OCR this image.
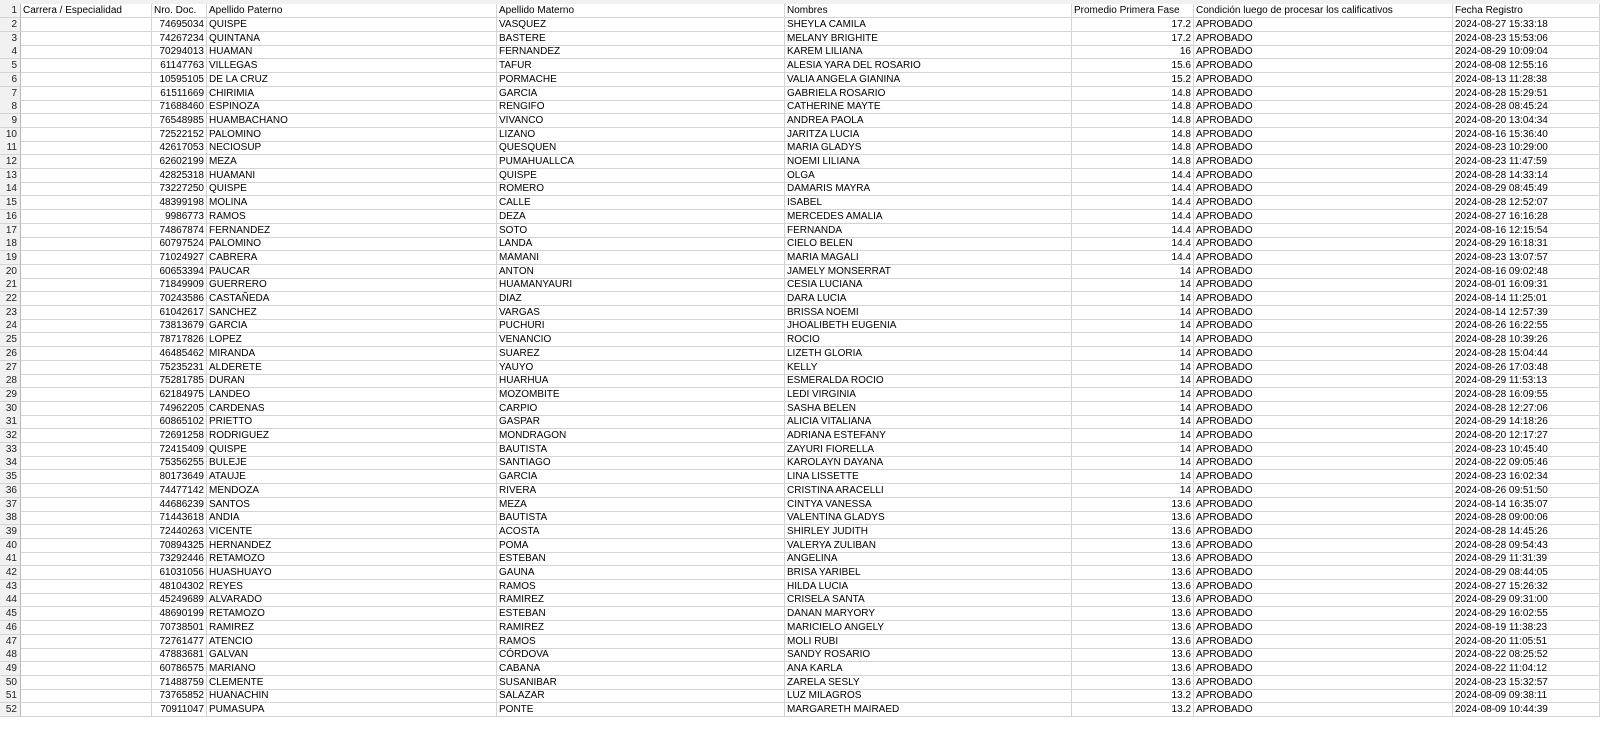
1 Carrera / Especialidad	Nro. Doc.	Apellido Paterno	Apellido Materno	Nombres	Promedio Primera Fase	Condición luego de procesar los calificativos	Fecha Registro
2	74695034 QUISPE	VASQUEZ	SHEYLA CAMILA	17.2 APROBADO	2024-08-27 15:33:18
3	74267234 QUINTANA	BASTERE	MELANY BRIGHITE	17.2 APROBADO	2024-08-23 15:53:06
4	70294013 HUAMAN	FERNANDEZ	KAREM LILIANA	16 APROBADO	2024-08-29 10:09:04
5	61147763 VILLEGAS	TAFUR	ALESIA YARA DEL ROSARIO	15.6 APROBADO	2024-08-08 12:55:16
6	10595105 DE LA CRUZ	PORMACHE	VALIA ANGELA GIANINA	15.2 APROBADO	2024-08-13 11:28:38
7	61511669 CHIRIMIA	GARCIA	GABRIELA ROSARIO	14.8 APROBADO	2024-08-28 15:29:51
8	71688460 ESPINOZA	RENGIFO	CATHERINE MAYTE	14.8 APROBADO	2024-08-28 08:45:24
9	76548985 HUAMBACHANO	VIVANCO	ANDREA PAOLA	14.8 APROBADO	2024-08-20 13:04:34
10	72522152 PALOMINO	LIZANO	JARITZA LUCIA	14.8 APROBADO	2024-08-16 15:36:40
11	42617053 NECIOSUP	QUESQUEN	MARIA GLADYS	14.8 APROBADO	2024-08-23 10:29:00
12	62602199 MEZA	PUMAHUALLCA	NOEMI LILIANA	14.8 APROBADO	2024-08-23 11:47:59
13	42825318 HUAMANI	QUISPE	OLGA	14.4 APROBADO	2024-08-28 14:33:14
14	73227250 QUISPE	ROMERO	DAMARIS MAYRA	14.4 APROBADO	2024-08-29 08:45:49
15	48399198 MOLINA	CALLE	ISABEL	14.4 APROBADO	2024-08-28 12:52:07
16	9986773 RAMOS	DEZA	MERCEDES AMALIA	14.4 APROBADO	2024-08-27 16:16:28
17	74867874 FERNANDEZ	SOTO	FERNANDA	14.4 APROBADO	2024-08-16 12:15:54
18	60797524 PALOMINO	LANDA	CIELO BELEN	14.4 APROBADO	2024-08-29 16:18:31
19	71024927 CABRERA	MAMANI	MARIA MAGALI	14.4 APROBADO	2024-08-23 13:07:57
20	60653394 PAUCAR	ANTON	JAMELY MONSERRAT	14 APROBADO	2024-08-16 09:02:48
21	71849909 GUERRERO	HUAMANYAURI	CESIA LUCIANA	14 APROBADO	2024-08-01 16:09:31
22	70243586 CASTAÑEDA	DIAZ	DARA LUCIA	14 APROBADO	2024-08-14 11:25:01
23	61042617 SANCHEZ	VARGAS	BRISSA NOEMI	14 APROBADO	2024-08-14 12:57:39
24	73813679 GARCIA	PUCHURI	JHOALIBETH EUGENIA	14 APROBADO	2024-08-26 16:22:55
25	78717826 LOPEZ	VENANCIO	ROCIO	14 APROBADO	2024-08-28 10:39:26
26	46485462 MIRANDA	SUAREZ	LIZETH GLORIA	14 APROBADO	2024-08-28 15:04:44
27	75235231 ALDERETE	YAUYO	KELLY	14 APROBADO	2024-08-26 17:03:48
28	75281785 DURAN	HUARHUA	ESMERALDA ROCIO	14 APROBADO	2024-08-29 11:53:13
29	62184975 LANDEO	MOZOMBITE	LEDI VIRGINIA	14 APROBADO	2024-08-28 16:09:55
30	74962205 CARDENAS	CARPIO	SASHA BELEN	14 APROBADO	2024-08-28 12:27:06
31	60865102 PRIETTO	GASPAR	ALICIA VITALIANA	14 APROBADO	2024-08-29 14:18:26
32	72691258 RODRIGUEZ	MONDRAGON	ADRIANA ESTEFANY	14 APROBADO	2024-08-20 12:17:27
33	72415409 QUISPE	BAUTISTA	ZAYURI FIORELLA	14 APROBADO	2024-08-23 10:45:40
34	75356255 BULEJE	SANTIAGO	KAROLAYN DAYANA	14 APROBADO	2024-08-22 09:05:46
35	80173649 ATAUJE	GARCIA	LINA LISSETTE	14 APROBADO	2024-08-23 16:02:34
36	74477142 MENDOZA	RIVERA	CRISTINA ARACELLI	14 APROBADO	2024-08-26 09:51:50
37	44686239 SANTOS	MEZA	CINTYA VANESSA	13.6 APROBADO	2024-08-14 16:35:07
38	71443618 ANDIA	BAUTISTA	VALENTINA GLADYS	13.6 APROBADO	2024-08-28 09:00:06
39	72440263 VICENTE	ACOSTA	SHIRLEY JUDITH	13.6 APROBADO	2024-08-28 14:45:26
40	70894325 HERNANDEZ	POMA	VALERYA ZULIBAN	13.6 APROBADO	2024-08-28 09:54:43
41	73292446 RETAMOZO	ESTEBAN	ANGELINA	13.6 APROBADO	2024-08-29 11:31:39
42	61031056 HUASHUAYO	GAUNA	BRISA YARIBEL	13.6 APROBADO	2024-08-29 08:44:05
43	48104302 REYES	RAMOS	HILDA LUCIA	13.6 APROBADO	2024-08-27 15:26:32
44	45249689 ALVARADO	RAMIREZ	CRISELA SANTA	13.6 APROBADO	2024-08-29 09:31:00
45	48690199 RETAMOZO	ESTEBAN	DANAN MARYORY	13.6 APROBADO	2024-08-29 16:02:55
46	70738501 RAMIREZ	RAMIREZ	MARICIELO ANGELY	13.6 APROBADO	2024-08-19 11:38:23
47	72761477 ATENCIO	RAMOS	MOLI RUBI	13.6 APROBADO	2024-08-20 11:05:51
48	47883681 GALVAN	CÓRDOVA	SANDY ROSARIO	13.6 APROBADO	2024-08-22 08:25:52
49	60786575 MARIANO	CABANA	ANA KARLA	13.6 APROBADO	2024-08-22 11:04:12
50	71488759 CLEMENTE	SUSANIBAR	ZARELA SESLY	13.6 APROBADO	2024-08-23 15:32:57
51	73765852 HUANACHIN	SALAZAR	LUZ MILAGROS	13.2 APROBADO	2024-08-09 09:38:11
52	70911047 PUMASUPA	PONTE	MARGARETH MAIRAED	13.2 APROBADO	2024-08-09 10:44:39
